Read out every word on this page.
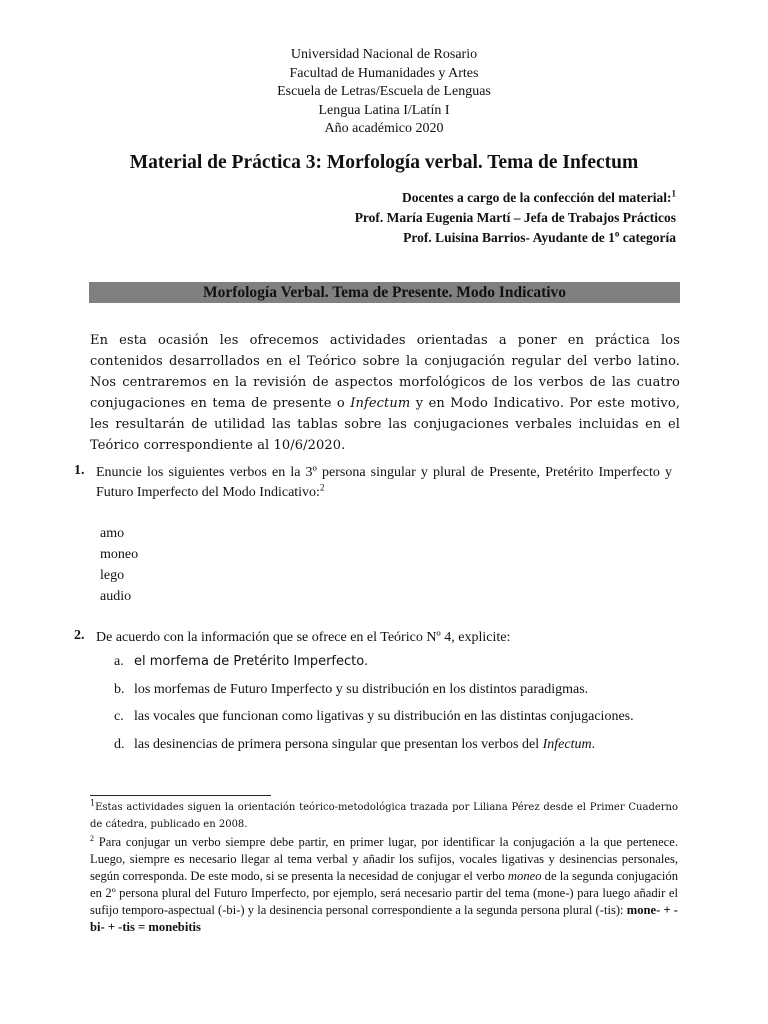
Universidad Nacional de Rosario
Facultad de Humanidades y Artes
Escuela de Letras/Escuela de Lenguas
Lengua Latina I/Latín I
Año académico 2020
Material de Práctica 3: Morfología verbal. Tema de Infectum
Docentes a cargo de la confección del material:$^1$
Prof. María Eugenia Martí – Jefa de Trabajos Prácticos
Prof. Luisina Barrios- Ayudante de 1$^o$ categoría
Morfología Verbal. Tema de Presente. Modo Indicativo

En esta ocasión les ofrecemos actividades orientadas a poner en práctica los contenidos desarrollados en el Teórico sobre la conjugación regular del verbo latino. Nos centraremos en la revisión de aspectos morfológicos de los verbos de las cuatro conjugaciones en tema de presente o Infectum y en Modo Indicativo. Por este motivo, les resultarán de utilidad las tablas sobre las conjugaciones verbales incluidas en el Teórico correspondiente al 10/6/2020.

1. Enuncie los siguientes verbos en la 3º persona singular y plural de Presente, Pretérito Imperfecto y Futuro Imperfecto del Modo Indicativo:$^2$
amo
moneo
lego
audio
2. De acuerdo con la información que se ofrece en el Teórico Nº 4, explicite:
a. el morfema de Pretérito Imperfecto.
b. los morfemas de Futuro Imperfecto y su distribución en los distintos paradigmas.
c. las vocales que funcionan como ligativas y su distribución en las distintas conjugaciones.
d. las desinencias de primera persona singular que presentan los verbos del Infectum.

$^1$Estas actividades siguen la orientación teórico-metodológica trazada por Liliana Pérez desde el Primer Cuaderno de cátedra, publicado en 2008.

$^2$ Para conjugar un verbo siempre debe partir, en primer lugar, por identificar la conjugación a la que pertenece. Luego, siempre es necesario llegar al tema verbal y añadir los sufijos, vocales ligativas y desinencias personales, según corresponda. De este modo, si se presenta la necesidad de conjugar el verbo moneo de la segunda conjugación en 2º persona plural del Futuro Imperfecto, por ejemplo, será necesario partir del tema (mone-) para luego añadir el sufijo temporo-aspectual (-bi-) y la desinencia personal correspondiente a la segunda persona plural (-tis): mone- + -bi- + -tis = monebitis
